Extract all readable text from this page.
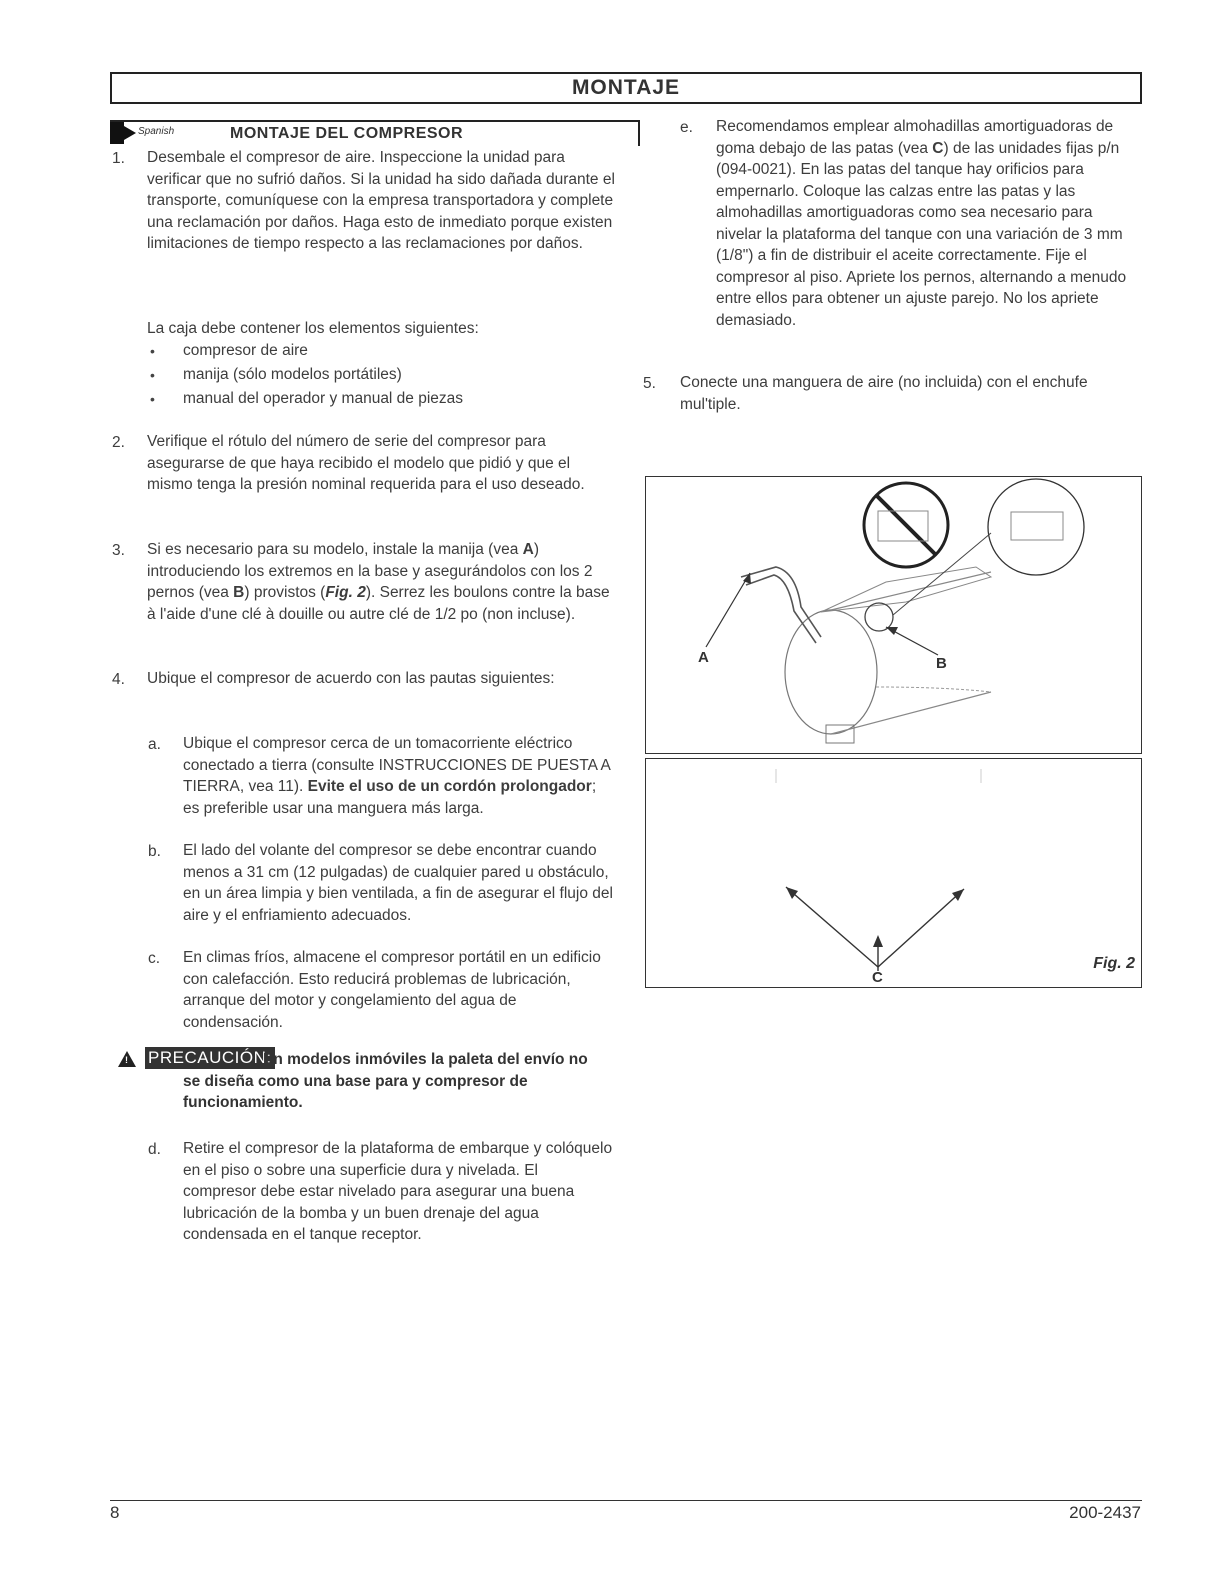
MONTAJE
Spanish	MONTAJE DEL COMPRESOR
1. Desembale el compresor de aire. Inspeccione la unidad para verificar que no sufrió daños. Si la unidad ha sido dañada durante el transporte, comuníquese con la empresa transportadora y complete una reclamación por daños. Haga esto de inmediato porque existen limitaciones de tiempo respecto a las reclamaciones por daños.

La caja debe contener los elementos siguientes:

• compresor de aire

• manija (sólo modelos portátiles)

• manual del operador y manual de piezas

2. Verifique el rótulo del número de serie del compresor para asegurarse de que haya recibido el modelo que pidió y que el mismo tenga la presión nominal requerida para el uso deseado.

3. Si es necesario para su modelo, instale la manija (vea A) introduciendo los extremos en la base y asegurándolos con los 2 pernos (vea B) provistos (Fig. 2). Serrez les boulons contre la base à l'aide d'une clé à douille ou autre clé de 1/2 po (non incluse).

4. Ubique el compresor de acuerdo con las pautas siguientes:

a. Ubique el compresor cerca de un tomacorriente eléctrico conectado a tierra (consulte INSTRUCCIONES DE PUESTA A TIERRA, vea 11). Evite el uso de un cordón prolongador; es preferible usar una manguera más larga.

b. El lado del volante del compresor se debe encontrar cuando menos a 31 cm (12 pulgadas) de cualquier pared u obstáculo, en un área limpia y bien ventilada, a fin de asegurar el flujo del aire y el enfriamiento adecuados.

c. En climas fríos, almacene el compresor portátil en un edificio con calefacción. Esto reducirá problemas de lubricación, arranque del motor y congelamiento del agua de condensación.

! PRECAUCIÓN:

En modelos inmóviles la paleta del envío no se diseña como una base para y compresor de funcionamiento.

d. Retire el compresor de la plataforma de embarque y colóquelo en el piso o sobre una superficie dura y nivelada. El compresor debe estar nivelado para asegurar una buena lubricación de la bomba y un buen drenaje del agua condensada en el tanque receptor.

e. Recomendamos emplear almohadillas amortiguadoras de goma debajo de las patas (vea C) de las unidades fijas p/n (094-0021). En las patas del tanque hay orificios para empernarlo. Coloque las calzas entre las patas y las almohadillas amortiguadoras como sea necesario para nivelar la plataforma del tanque con una variación de 3 mm (1/8") a fin de distribuir el aceite correctamente. Fije el compresor al piso. Apriete los pernos, alternando a menudo entre ellos para obtener un ajuste parejo. No los apriete demasiado.

5. Conecte una manguera de aire (no incluida) con el enchufe mul'tiple.

A	B
C
Fig. 2
8	200-2437
